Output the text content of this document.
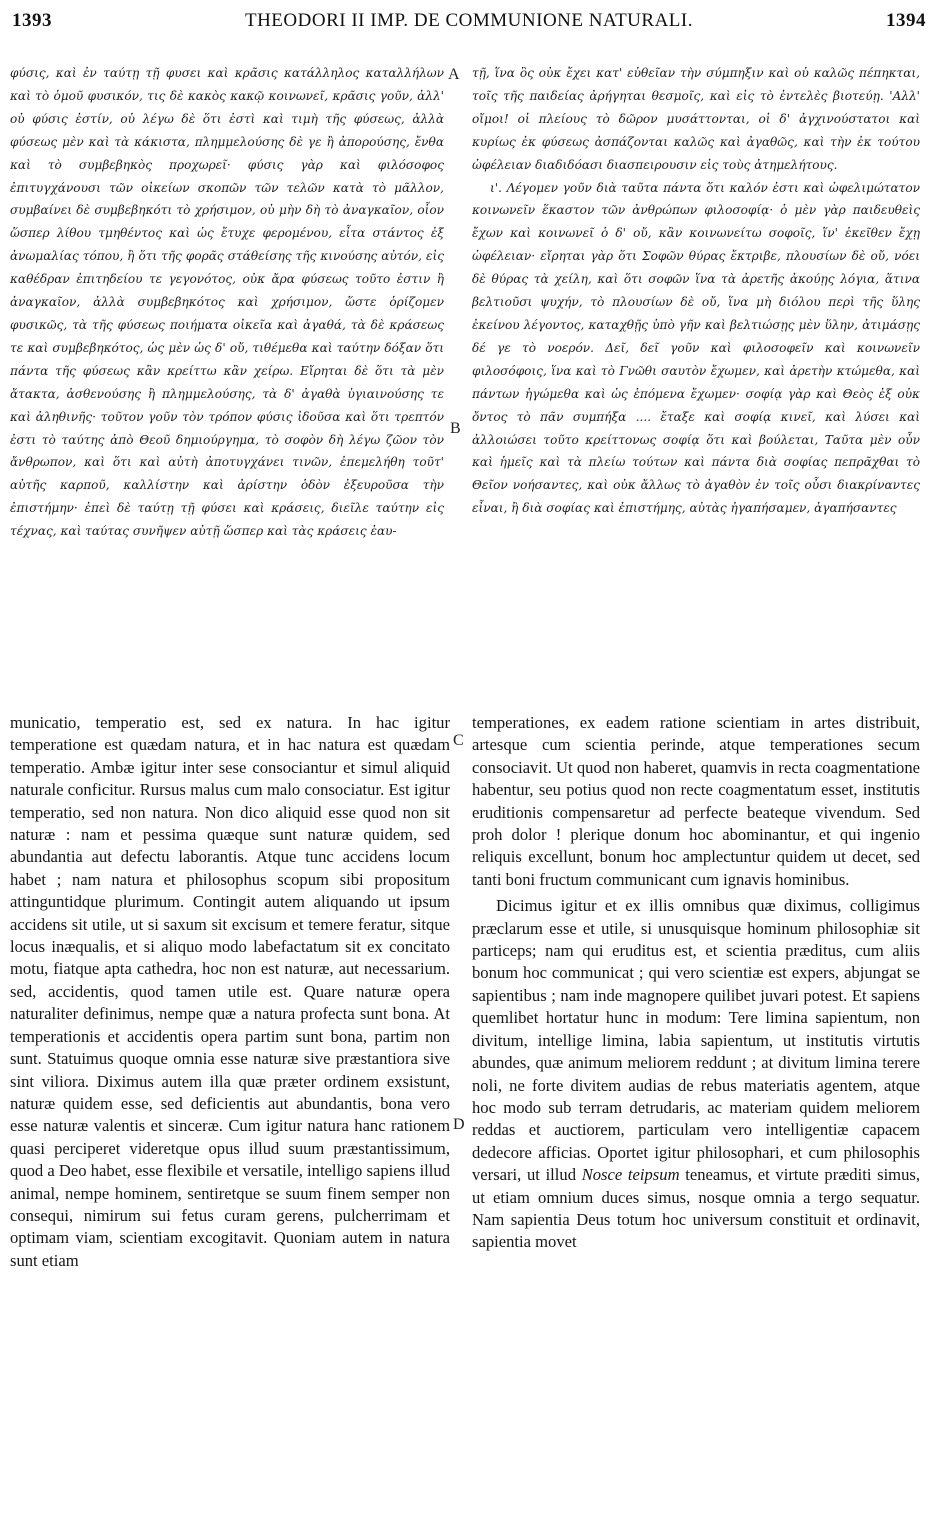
1393	THEODORI II IMP. DE COMMUNIONE NATURALI.	1394

φύσις, καὶ ἐν ταύτῃ τῇ φυσει καὶ κρᾶσις κατάλληλος καταλλήλων καὶ τὸ ὁμοῦ φυσικόν, τις δὲ κακὸς κακῷ κοινωνεῖ, κρᾶσις γοῦν, ἀλλ' οὐ φύσις ἐστίν, οὐ λέγω δὲ ὅτι ἐστὶ καὶ τιμὴ τῆς φύσεως, ἀλλὰ φύσεως μὲν καὶ τὰ κάκιστα, πλημμελούσης δὲ γε ἢ ἀπορούσης, ἔνθα καὶ τὸ συμβεβηκὸς προχωρεῖ· φύσις γὰρ καὶ φιλόσοφος ἐπιτυγχάνουσι τῶν οἰκείων σκοπῶν τῶν τελῶν κατὰ τὸ μᾶλλον, συμβαίνει δὲ συμβεβηκότι τὸ χρήσιμον, οὐ μὴν δὴ τὸ ἀναγκαῖον, οἷον ὥσπερ λίθου τμηθέντος καὶ ὡς ἔτυχε φερομένου, εἶτα στάντος ἐξ ἀνωμαλίας τόπου, ἢ ὅτι τῆς φορᾶς στάθείσης τῆς κινούσης αὐτόν, εἰς καθέδραν ἐπιτηδείου τε γεγονότος, οὐκ ἄρα φύσεως τοῦτο ἐστιν ἢ ἀναγκαῖον, ἀλλὰ συμβεβηκότος καὶ χρήσιμον, ὥστε ὁρίζομεν φυσικῶς, τὰ τῆς φύσεως ποιήματα οἰκεῖα καὶ ἀγαθά, τὰ δὲ κράσεως τε καὶ συμβεβηκότος, ὡς μὲν ὡς δ' οὔ, τιθέμεθα καὶ ταύτην δόξαν ὅτι πάντα τῆς φύσεως κἂν κρείττω κἂν χείρω. Εἴρηται δὲ ὅτι τὰ μὲν ἄτακτα, ἀσθενούσης ἢ πλημμελούσης, τὰ δ' ἀγαθὰ ὑγιαινούσης τε καὶ ἀληθινῆς· τοῦτον γοῦν τὸν τρόπον φύσις ἰδοῦσα καὶ ὅτι τρεπτόν ἐστι τὸ ταύτης ἀπὸ Θεοῦ δημιούργημα, τὸ σοφὸν δὴ λέγω ζῶον τὸν ἄνθρωπον, καὶ ὅτι καὶ αὐτὴ ἀποτυγχάνει τινῶν, ἐπεμελήθη τοῦτ' αὐτῆς καρποῦ, καλλίστην καὶ ἀρίστην ὁδὸν ἐξευροῦσα τὴν ἐπιστήμην· ἐπεὶ δὲ ταύτῃ τῇ φύσει καὶ κράσεις, διεῖλε ταύτην εἰς τέχνας, καὶ ταύτας συνῆψεν αὐτῇ ὥσπερ καὶ τὰς κράσεις ἑαυ-

τῇ, ἵνα ὃς οὐκ ἔχει κατ' εὐθεῖαν τὴν σύμπηξιν καὶ οὐ καλῶς πέπηκται, τοῖς τῆς παιδείας ἀρήγηται θεσμοῖς, καὶ εἰς τὸ ἐντελὲς βιοτεύῃ. 'Αλλ' οἴμοι! οἱ πλείους τὸ δῶρον μυσάττονται, οἱ δ' ἀγχινούστατοι καὶ κυρίως ἐκ φύσεως ἀσπάζονται καλῶς καὶ ἀγαθῶς, καὶ τὴν ἐκ τούτου ὠφέλειαν διαδιδόασι διασπειρουσιν εἰς τοὺς ἀτημελήτους.

ι'. Λέγομεν γοῦν διὰ ταῦτα πάντα ὅτι καλόν ἐστι καὶ ὠφελιμώτατον κοινωνεῖν ἕκαστον τῶν ἀνθρώπων φιλοσοφίᾳ· ὁ μὲν γὰρ παιδευθεὶς ἔχων καὶ κοινωνεῖ ὁ δ' οὔ, κἂν κοινωνείτω σοφοῖς, ἵν' ἐκεῖθεν ἔχῃ ὠφέλειαν· εἴρηται γὰρ ὅτι Σοφῶν θύρας ἔκτριβε, πλουσίων δὲ οὔ, νόει δὲ θύρας τὰ χείλη, καὶ ὅτι σοφῶν ἵνα τὰ ἀρετῆς ἀκούῃς λόγια, ἅτινα βελτιοῦσι ψυχήν, τὸ πλουσίων δὲ οὔ, ἵνα μὴ διόλου περὶ τῆς ὕλης ἐκείνου λέγοντος, καταχθῇς ὑπὸ γῆν καὶ βελτιώσῃς μὲν ὕλην, ἀτιμάσῃς δέ γε τὸ νοερόν. Δεῖ, δεῖ γοῦν καὶ φιλοσοφεῖν καὶ κοινωνεῖν φιλοσόφοις, ἵνα καὶ τὸ Γνῶθι σαυτὸν ἔχωμεν, καὶ ἀρετὴν κτώμεθα, καὶ πάντων ἡγώμεθα καὶ ὡς ἑπόμενα ἔχωμεν· σοφίᾳ γὰρ καὶ Θεὸς ἐξ οὐκ ὄντος τὸ πᾶν συμπήξα .... ἔταξε καὶ σοφίᾳ κινεῖ, καὶ λύσει καὶ ἀλλοιώσει τοῦτο κρείττονως σοφίᾳ ὅτι καὶ βούλεται, Ταῦτα μὲν οὖν καὶ ἡμεῖς καὶ τὰ πλείω τούτων καὶ πάντα διὰ σοφίας πεπρᾶχθαι τὸ Θεῖον νοήσαντες, καὶ οὐκ ἄλλως τὸ ἀγαθὸν ἐν τοῖς οὖσι διακρίναντες εἶναι, ἢ διὰ σοφίας καὶ ἐπιστήμης, αὐτὰς ἠγαπήσαμεν, ἀγαπήσαντες

A
B
C
D

municatio, temperatio est, sed ex natura. In hac igitur temperatione est quædam natura, et in hac natura est quædam temperatio. Ambæ igitur inter sese consociantur et simul aliquid naturale conficitur. Rursus malus cum malo consociatur. Est igitur temperatio, sed non natura. Non dico aliquid esse quod non sit naturæ : nam et pessima quæque sunt naturæ quidem, sed abundantia aut defectu laborantis. Atque tunc accidens locum habet ; nam natura et philosophus scopum sibi propositum attinguntidque plurimum. Contingit autem aliquando ut ipsum accidens sit utile, ut si saxum sit excisum et temere feratur, sitque locus inæqualis, et si aliquo modo labefactatum sit ex concitato motu, fiatque apta cathedra, hoc non est naturæ, aut necessarium. sed, accidentis, quod tamen utile est. Quare naturæ opera naturaliter definimus, nempe quæ a natura profecta sunt bona. At temperationis et accidentis opera partim sunt bona, partim non sunt. Statuimus quoque omnia esse naturæ sive præstantiora sive sint viliora. Diximus autem illa quæ præter ordinem exsistunt, naturæ quidem esse, sed deficientis aut abundantis, bona vero esse naturæ valentis et sinceræ. Cum igitur natura hanc rationem quasi perciperet videretque opus illud suum præstantissimum, quod a Deo habet, esse flexibile et versatile, intelligo sapiens illud animal, nempe hominem, sentiretque se suum finem semper non consequi, nimirum sui fetus curam gerens, pulcherrimam et optimam viam, scientiam excogitavit. Quoniam autem in natura sunt etiam

temperationes, ex eadem ratione scientiam in artes distribuit, artesque cum scientia perinde, atque temperationes secum consociavit. Ut quod non haberet, quamvis in recta coagmentatione habentur, seu potius quod non recte coagmentatum esset, institutis eruditionis compensaretur ad perfecte beateque vivendum. Sed proh dolor ! plerique donum hoc abominantur, et qui ingenio reliquis excellunt, bonum hoc amplectuntur quidem ut decet, sed tanti boni fructum communicant cum ignavis hominibus.

Dicimus igitur et ex illis omnibus quæ diximus, colligimus præclarum esse et utile, si unusquisque hominum philosophiæ sit particeps; nam qui eruditus est, et scientia præditus, cum aliis bonum hoc communicat ; qui vero scientiæ est expers, abjungat se sapientibus ; nam inde magnopere quilibet juvari potest. Et sapiens quemlibet hortatur hunc in modum: Tere limina sapientum, non divitum, intellige limina, labia sapientum, ut institutis virtutis abundes, quæ animum meliorem reddunt ; at divitum limina terere noli, ne forte divitem audias de rebus materiatis agentem, atque hoc modo sub terram detrudaris, ac materiam quidem meliorem reddas et auctiorem, particulam vero intelligentiæ capacem dedecore afficias. Oportet igitur philosophari, et cum philosophis versari, ut illud Nosce teipsum teneamus, et virtute præditi simus, ut etiam omnium duces simus, nosque omnia a tergo sequatur. Nam sapientia Deus totum hoc universum constituit et ordinavit, sapientia movet
